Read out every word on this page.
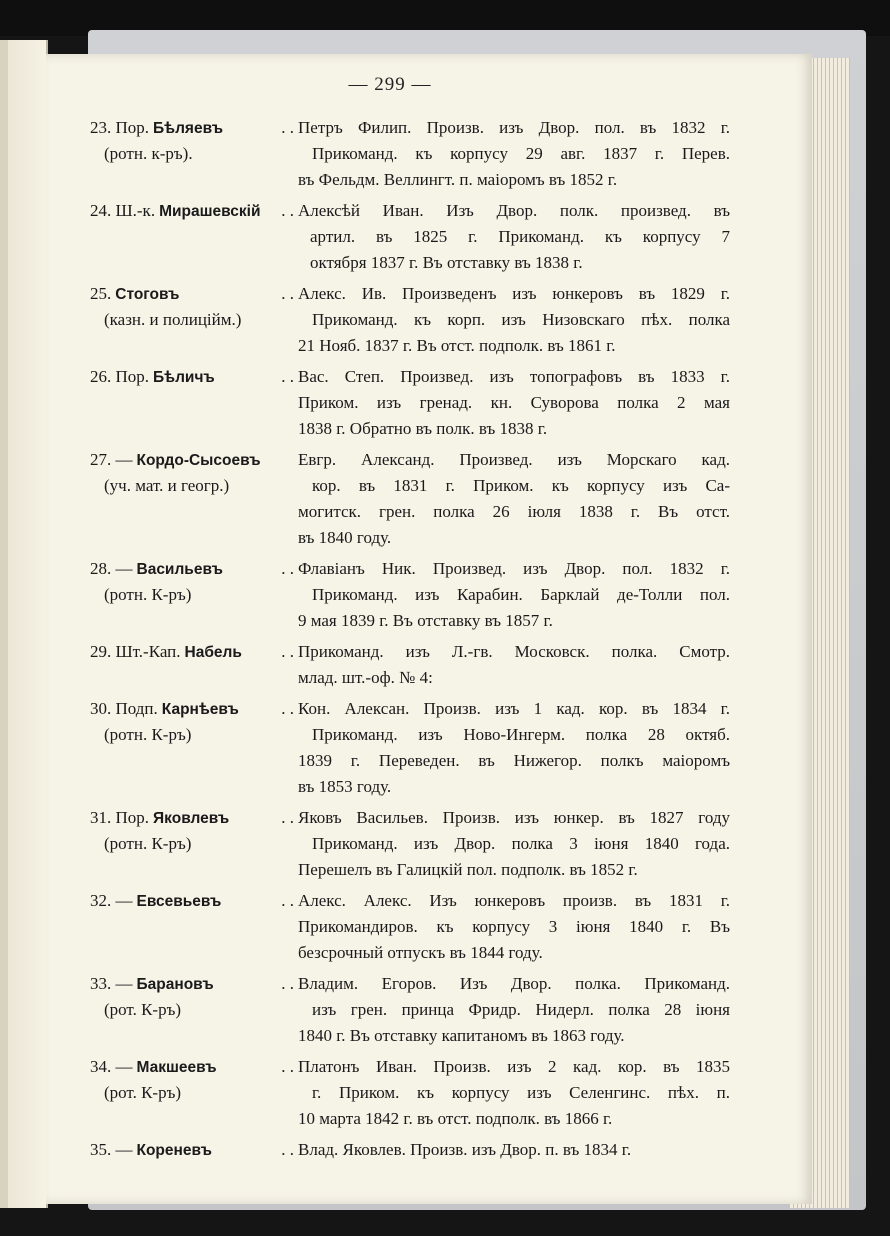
— 299 —
23. Пор. Бѣляевъ	. . Петръ Филип. Произв. изъ Двор. пол. въ 1832 г.
(ротн. к-ръ).	Прикоманд. къ корпусу 29 авг. 1837 г. Перев.
въ Фельдм. Веллингт. п. маіоромъ въ 1852 г.
24. Ш.-к. Мирашевскій . . Алексѣй Иван. Изъ Двор. полк. произвед. въ
артил. въ 1825 г. Прикоманд. къ корпусу 7
октября 1837 г. Въ отставку въ 1838 г.
25. Стоговъ	. . Алекс. Ив. Произведенъ изъ юнкеровъ въ 1829 г.
(казн. и полиційм.)	Прикоманд. къ корп. изъ Низовскаго пѣх. полка
21 Нояб. 1837 г. Въ отст. подполк. въ 1861 г.
26. Пор. Бѣличъ	. . Вас. Степ. Произвед. изъ топографовъ въ 1833 г.
Приком. изъ гренад. кн. Суворова полка 2 мая
1838 г. Обратно въ полк. въ 1838 г.
27. — Кордо-Сысоевъ	Евгр. Александ. Произвед. изъ Морскаго кад.
(уч. мат. и геогр.)	кор. въ 1831 г. Приком. къ корпусу изъ Са-
могитск. грен. полка 26 іюля 1838 г. Въ отст.
въ 1840 году.
28. — Васильевъ	. . Флавіанъ Ник. Произвед. изъ Двор. пол. 1832 г.
(ротн. К-ръ)	Прикоманд. изъ Карабин. Барклай де-Толли пол.
9 мая 1839 г. Въ отставку въ 1857 г.
29. Шт.-Кап. Набель . . Прикоманд. изъ Л.-гв. Московск. полка. Смотр.
млад. шт.-оф. № 4:
30. Подп. Карнѣевъ . . Кон. Алексан. Произв. изъ 1 кад. кор. въ 1834 г.
(ротн. К-ръ)	Прикоманд. изъ Ново-Ингерм. полка 28 октяб.
1839 г. Переведен. въ Нижегор. полкъ маіоромъ
въ 1853 году.
31. Пор. Яковлевъ	. . Яковъ Васильев. Произв. изъ юнкер. въ 1827 году
(ротн. К-ръ)	Прикоманд. изъ Двор. полка 3 іюня 1840 года.
Перешелъ въ Галицкій пол. подполк. въ 1852 г.
32. — Евсевьевъ	. . Алекс. Алекс. Изъ юнкеровъ произв. въ 1831 г.
Прикомандиров. къ корпусу 3 іюня 1840 г. Въ
безсрочный отпускъ въ 1844 году.
33. — Барановъ	. . Владим. Егоров. Изъ Двор. полка. Прикоманд.
(рот. К-ръ)	изъ грен. принца Фридр. Нидерл. полка 28 іюня
1840 г. Въ отставку капитаномъ въ 1863 году.
34. — Макшеевъ	. . Платонъ Иван. Произв. изъ 2 кад. кор. въ 1835
(рот. К-ръ)	г. Приком. къ корпусу изъ Селенгинс. пѣх. п.
10 марта 1842 г. въ отст. подполк. въ 1866 г.
35. — Кореневъ	. . Влад. Яковлев. Произв. изъ Двор. п. въ 1834 г.
